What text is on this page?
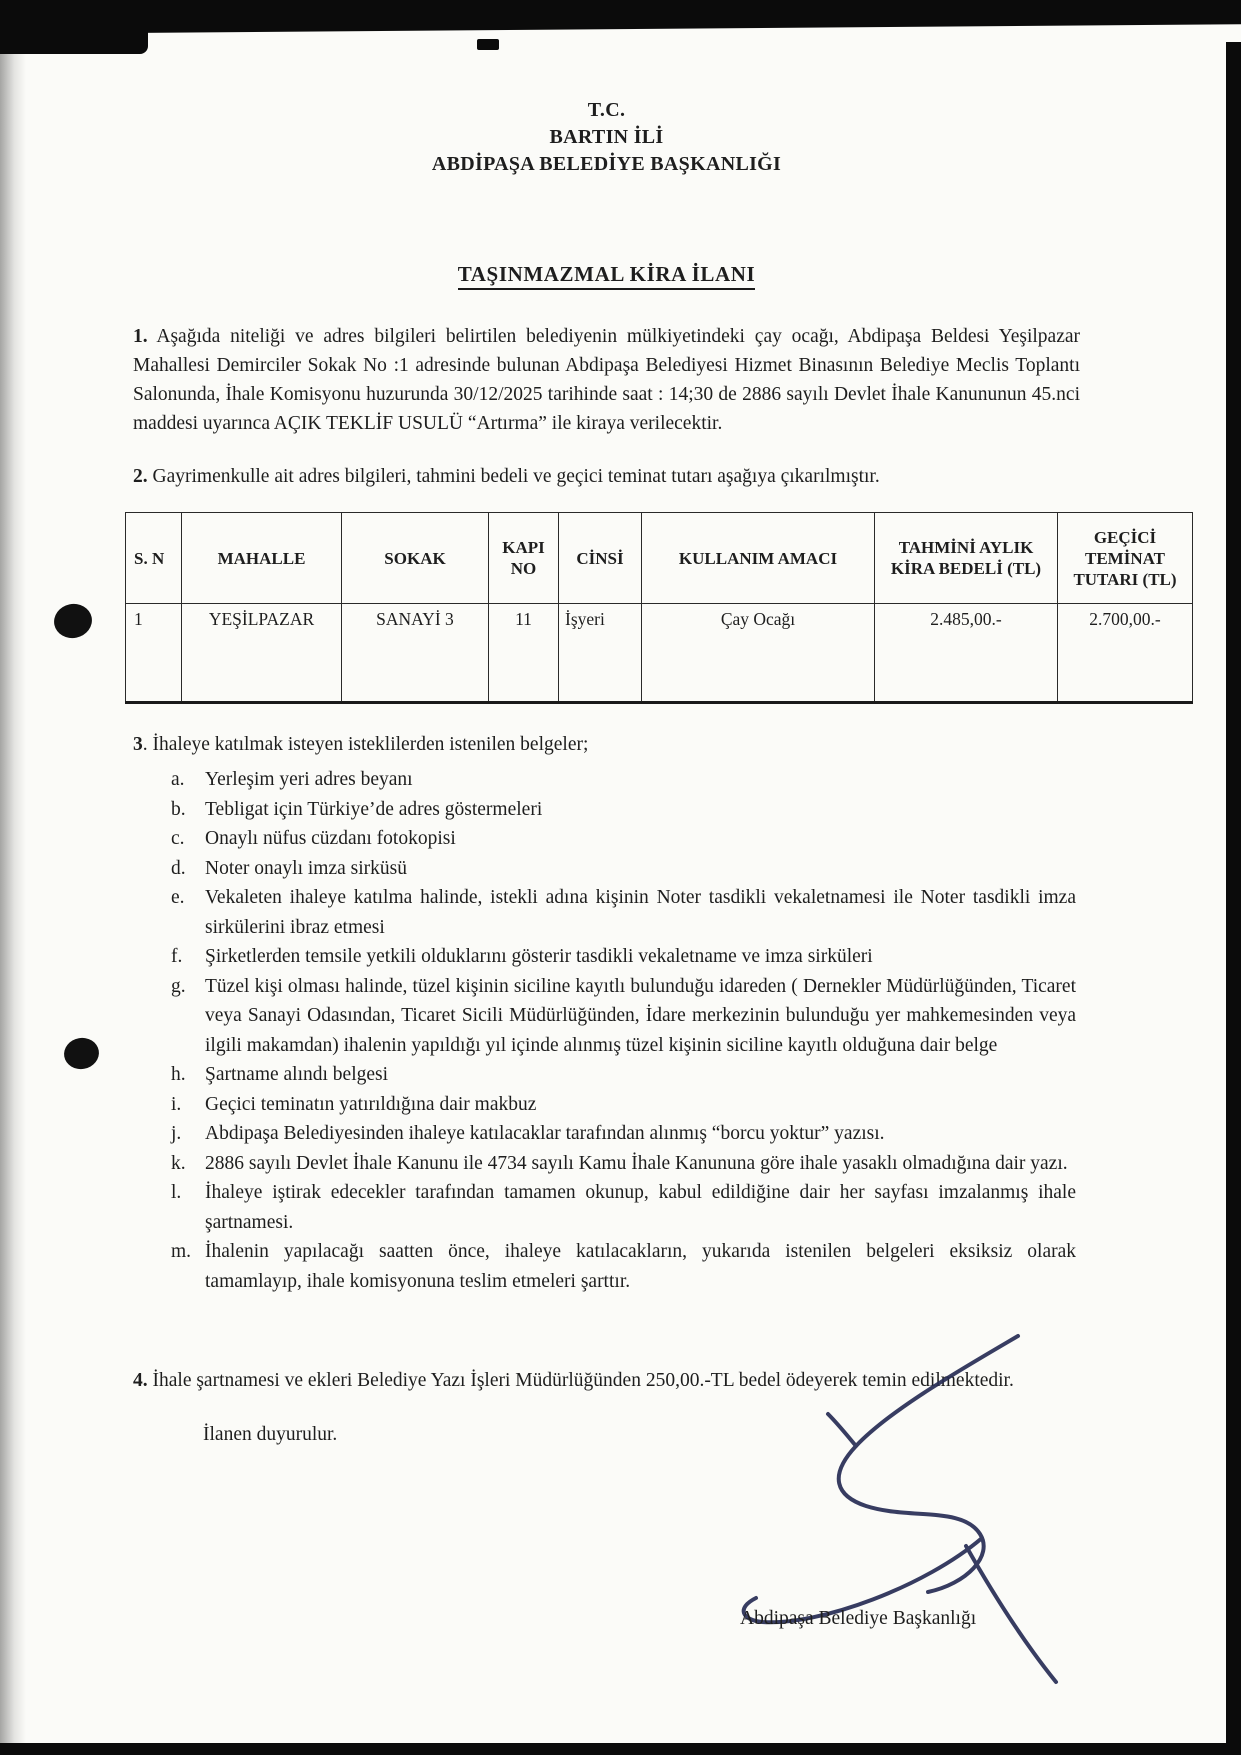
T.C.
BARTIN İLİ
ABDİPAŞA BELEDİYE BAŞKANLIĞI
TAŞINMAZMAL KİRA İLANI

1. Aşağıda niteliği ve adres bilgileri belirtilen belediyenin mülkiyetindeki çay ocağı, Abdipaşa Beldesi Yeşilpazar Mahallesi Demirciler Sokak No :1 adresinde bulunan Abdipaşa Belediyesi Hizmet Binasının Belediye Meclis Toplantı Salonunda, İhale Komisyonu huzurunda 30/12/2025 tarihinde saat : 14;30 de 2886 sayılı Devlet İhale Kanununun 45.nci maddesi uyarınca AÇIK TEKLİF USULÜ “Artırma” ile kiraya verilecektir.

2. Gayrimenkulle ait adres bilgileri, tahmini bedeli ve geçici teminat tutarı aşağıya çıkarılmıştır.

S. N	MAHALLE	SOKAK	KAPI NO	CİNSİ	KULLANIM AMACI	TAHMİNİ AYLIK KİRA BEDELİ (TL)	GEÇİCİ TEMİNAT TUTARI (TL)
1	YEŞİLPAZAR	SANAYİ 3	11	İşyeri	Çay Ocağı	2.485,00.-	2.700,00.-
3. İhaleye katılmak isteyen isteklilerden istenilen belgeler;
a.	Yerleşim yeri adres beyanı
b. Tebligat için Türkiye’de adres göstermeleri
c.	Onaylı nüfus cüzdanı fotokopisi
d. Noter onaylı imza sirküsü
e.	Vekaleten ihaleye katılma halinde, istekli adına kişinin Noter tasdikli vekaletnamesi ile Noter tasdikli imza sirkülerini ibraz etmesi
f.	Şirketlerden temsile yetkili olduklarını gösterir tasdikli vekaletname ve imza sirküleri
g. Tüzel kişi olması halinde, tüzel kişinin siciline kayıtlı bulunduğu idareden ( Dernekler Müdürlüğünden, Ticaret veya Sanayi Odasından, Ticaret Sicili Müdürlüğünden, İdare merkezinin bulunduğu yer mahkemesinden veya ilgili makamdan) ihalenin yapıldığı yıl içinde alınmış tüzel kişinin siciline kayıtlı olduğuna dair belge
h. Şartname alındı belgesi
i.	Geçici teminatın yatırıldığına dair makbuz
j.	Abdipaşa Belediyesinden ihaleye katılacaklar tarafından alınmış “borcu yoktur” yazısı.
k. 2886 sayılı Devlet İhale Kanunu ile 4734 sayılı Kamu İhale Kanununa göre ihale yasaklı olmadığına dair yazı.
l.	İhaleye iştirak edecekler tarafından tamamen okunup, kabul edildiğine dair her sayfası imzalanmış ihale şartnamesi.
m. İhalenin yapılacağı saatten önce, ihaleye katılacakların, yukarıda istenilen belgeleri eksiksiz olarak tamamlayıp, ihale komisyonuna teslim etmeleri şarttır.

4. İhale şartnamesi ve ekleri Belediye Yazı İşleri Müdürlüğünden 250,00.-TL bedel ödeyerek temin edilmektedir.

İlanen duyurulur.
Abdipaşa Belediye Başkanlığı
